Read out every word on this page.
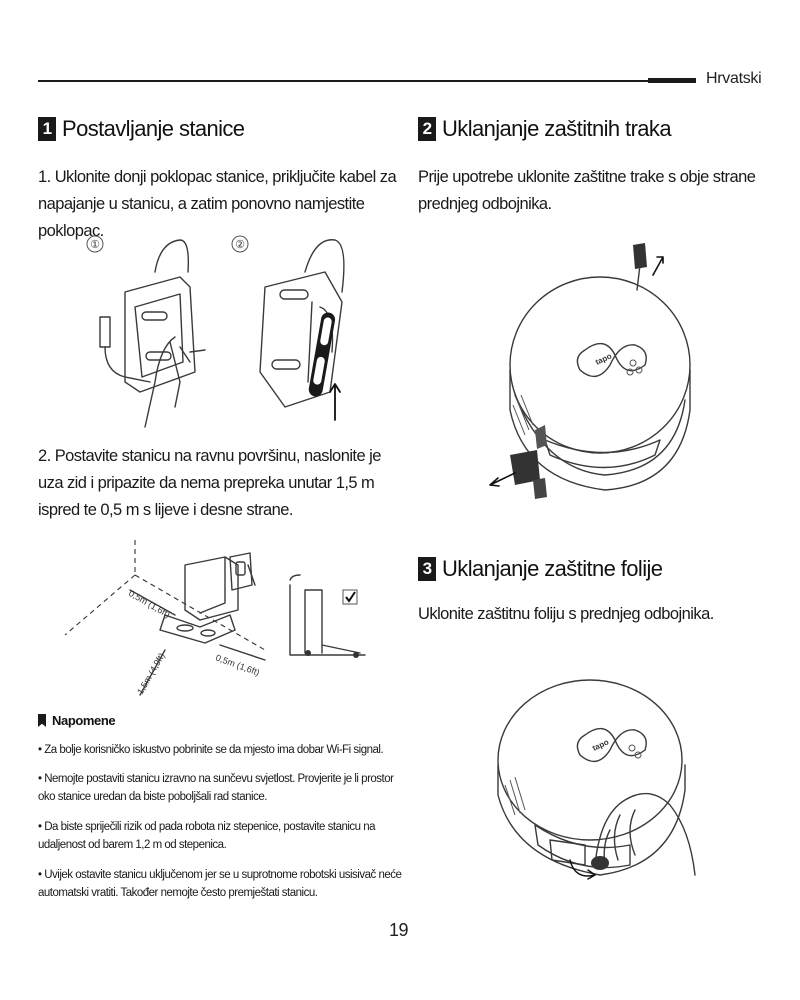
Hrvatski
1 Postavljanje stanice
1. Uklonite donji poklopac stanice, priključite kabel za napajanje u stanicu, a zatim ponovno namjestite poklopac.
①	②
2. Postavite stanicu na ravnu površinu, naslonite je uza zid i pripazite da nema prepreka unutar 1,5 m ispred te 0,5 m s lijeve i desne strane.
0,5m (1,6ft)
1,5m (4,9ft)	0,5m (1,6ft)
Napomene
• Za bolje korisničko iskustvo pobrinite se da mjesto ima dobar Wi-Fi signal.
• Nemojte postaviti stanicu izravno na sunčevu svjetlost. Provjerite je li prostor oko stanice uredan da biste poboljšali rad stanice.
• Da biste spriječili rizik od pada robota niz stepenice, postavite stanicu na udaljenost od barem 1,2 m od stepenica.
• Uvijek ostavite stanicu uključenom jer se u suprotnome robotski usisivač neće automatski vratiti. Također nemojte često premještati stanicu.
2 Uklanjanje zaštitnih traka
Prije upotrebe uklonite zaštitne trake s obje strane prednjeg odbojnika.
tapo
3 Uklanjanje zaštitne folije
Uklonite zaštitnu foliju s prednjeg odbojnika.
tapo
19
